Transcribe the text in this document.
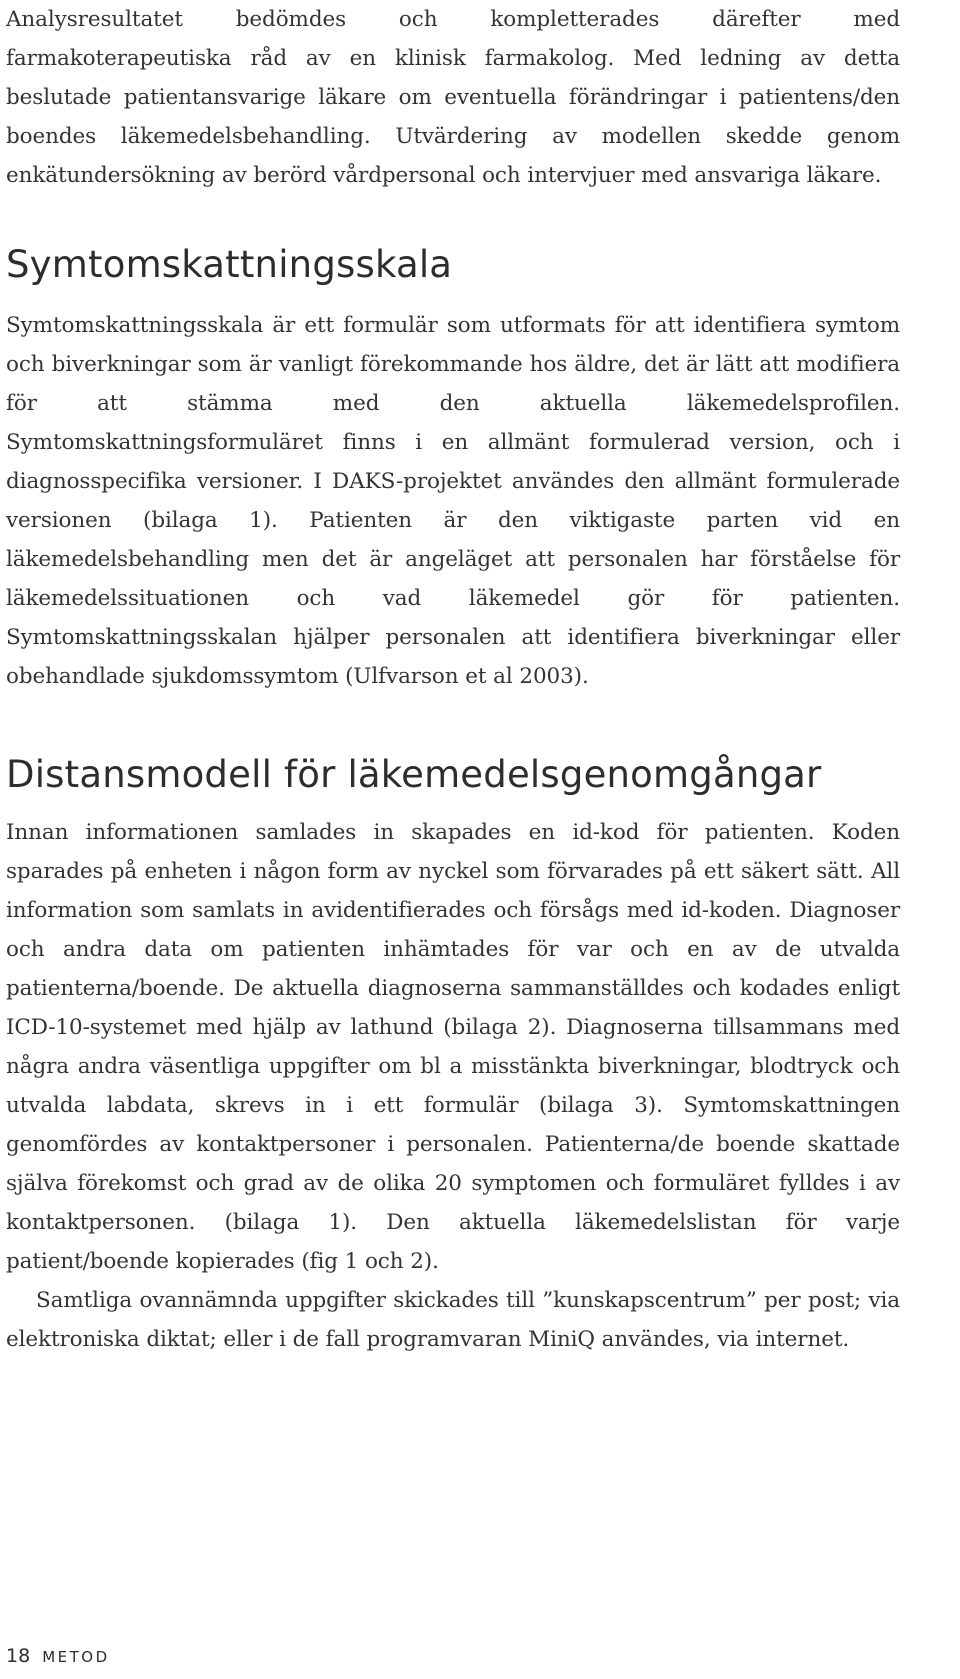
Analysresultatet bedömdes och kompletterades därefter med farmakoterapeutiska råd av en klinisk farmakolog. Med ledning av detta beslutade patientansvarige läkare om eventuella förändringar i patientens/den boendes läkemedelsbehandling. Utvärdering av modellen skedde genom enkätundersökning av berörd vårdpersonal och intervjuer med ansvariga läkare.

Symtomskattningsskala

Symtomskattningsskala är ett formulär som utformats för att identifiera symtom och biverkningar som är vanligt förekommande hos äldre, det är lätt att modifiera för att stämma med den aktuella läkemedelsprofilen. Symtomskattningsformuläret finns i en allmänt formulerad version, och i diagnosspecifika versioner. I DAKS-projektet användes den allmänt formulerade versionen (bilaga 1). Patienten är den viktigaste parten vid en läkemedelsbehandling men det är angeläget att personalen har förståelse för läkemedelssituationen och vad läkemedel gör för patienten. Symtomskattningsskalan hjälper personalen att identifiera biverkningar eller obehandlade sjukdomssymtom (Ulfvarson et al 2003).

Distansmodell för läkemedelsgenomgångar

Innan informationen samlades in skapades en id-kod för patienten. Koden sparades på enheten i någon form av nyckel som förvarades på ett säkert sätt. All information som samlats in avidentifierades och försågs med id-koden. Diagnoser och andra data om patienten inhämtades för var och en av de utvalda patienterna/boende. De aktuella diagnoserna sammanställdes och kodades enligt ICD-10-systemet med hjälp av lathund (bilaga 2). Diagnoserna tillsammans med några andra väsentliga uppgifter om bl a misstänkta biverkningar, blodtryck och utvalda labdata, skrevs in i ett formulär (bilaga 3). Symtomskattningen genomfördes av kontaktpersoner i personalen. Patienterna/de boende skattade själva förekomst och grad av de olika 20 symptomen och formuläret fylldes i av kontaktpersonen. (bilaga 1). Den aktuella läkemedelslistan för varje patient/boende kopierades (fig 1 och 2).

Samtliga ovannämnda uppgifter skickades till ”kunskapscentrum” per post; via elektroniska diktat; eller i de fall programvaran MiniQ användes, via internet.

18 METOD
